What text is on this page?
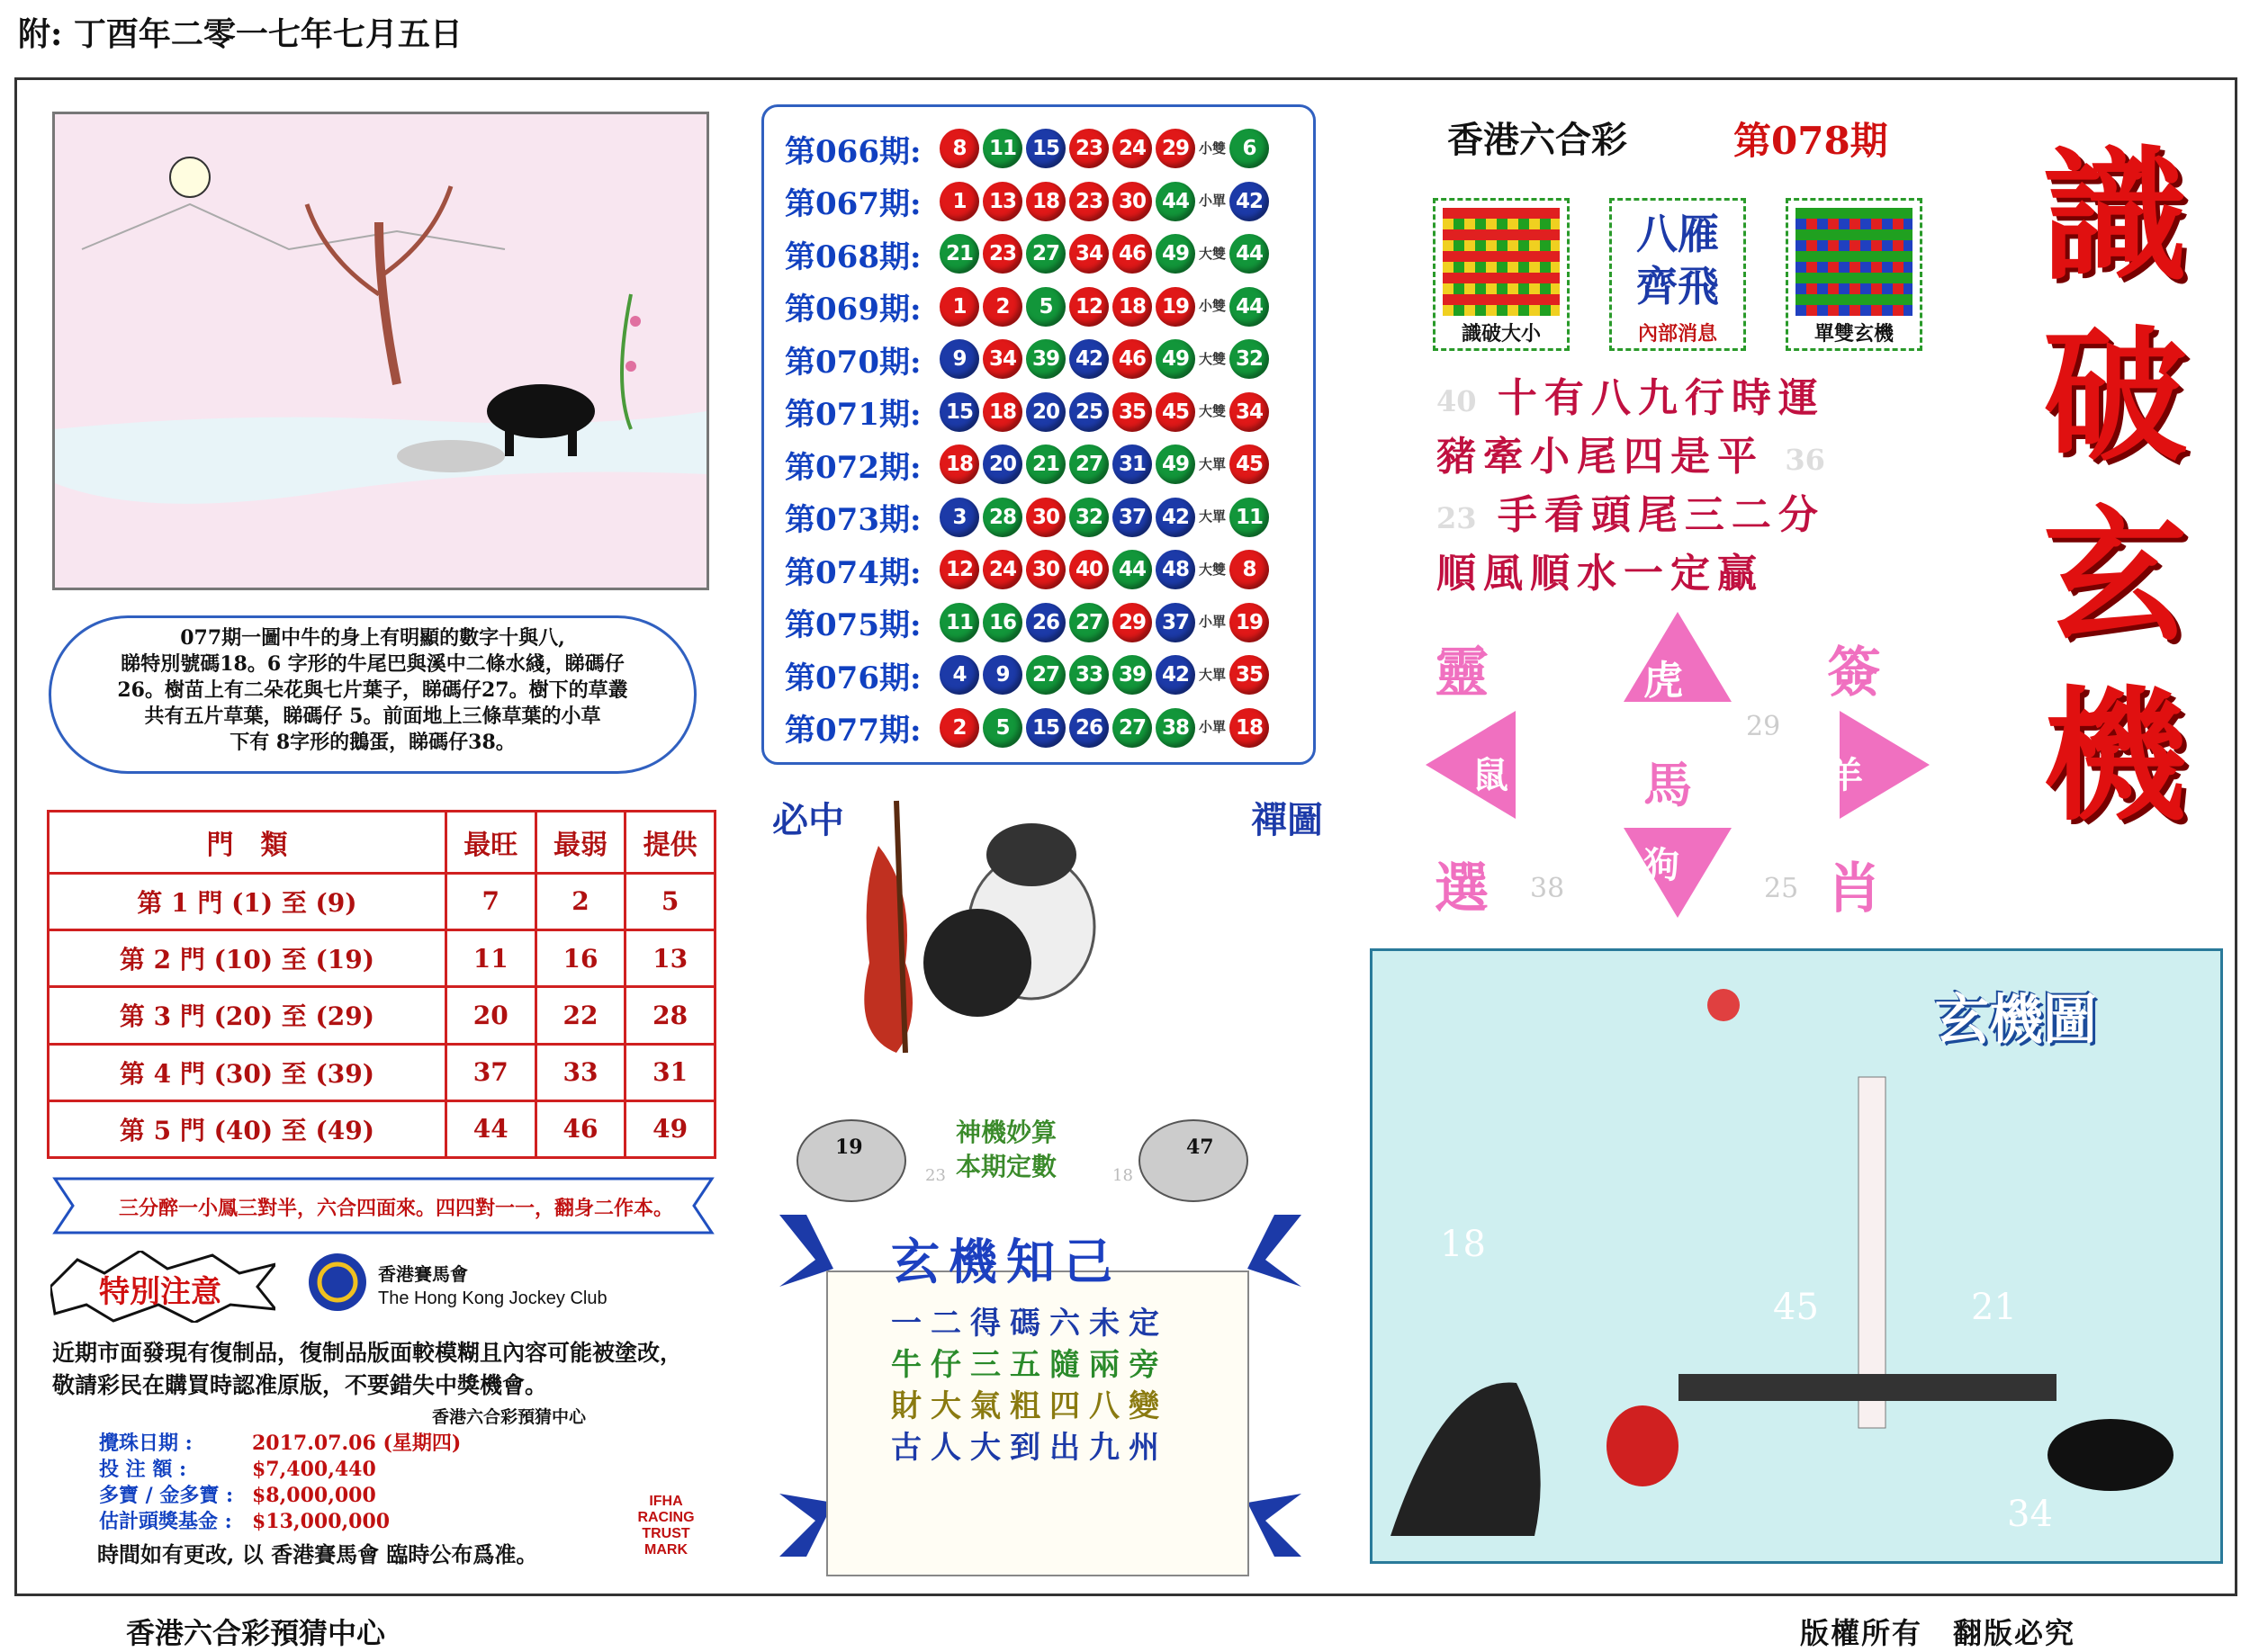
附: 丁酉年二零一七年七月五日
香港六合彩預猜中心	版權所有　翻版必究
077期一圖中牛的身上有明顯的數字十與八,
睇特別號碼18。6 字形的牛尾巴與溪中二條水綫，睇碼仔
26。樹苗上有二朵花與七片葉子，睇碼仔27。樹下的草叢
共有五片草葉，睇碼仔 5。前面地上三條草葉的小草
下有 8字形的鵝蛋，睇碼仔38。
門　類	最旺	最弱	提供
第 1 門 (1) 至 (9)	7	2	5
第 2 門 (10) 至 (19)	11	16	13
第 3 門 (20) 至 (29)	20	22	28
第 4 門 (30) 至 (39)	37	33	31
第 5 門 (40) 至 (49)	44	46	49
三分醉一小鳳三對半，六合四面來。四四對一一，翻身二作本。
特別注意	香港賽馬會
The Hong Kong Jockey Club
近期市面發現有復制品，復制品版面較模糊且內容可能被塗改，敬請彩民在購買時認准原版，不要錯失中獎機會。
香港六合彩預猜中心
攪珠日期 :	2017.07.06 (星期四)
投 注 額 :	$7,400,440
多寶 / 金多寶 : $8,000,000
估計頭獎基金 : $13,000,000
時間如有更改, 以 香港賽馬會 臨時公布爲准。
IFHA RACING TRUST MARK
第066期:	8	11 15 23 24 29 小雙 6
第067期:	1	13 18 23 30 44 小單 42
第068期:	21 23 27 34 46 49 大雙 44
第069期:	1	2	5	12 18 19 小雙 44
第070期:	9	34 39 42 46 49 大雙 32
第071期:	15 18 20 25 35 45 大雙 34
第072期:	18 20 21 27 31 49 大單 45
第073期:	3	28 30 32 37 42 大單 11
第074期:	12 24 30 40 44 48 大雙 8
第075期:	11 16 26 27 29 37 小單 19
第076期:	4	9	27 33 39 42 大單 35
第077期:	2	5	15 26 27 38 小單 18
必中	禪圖
19	47
23	18
神機妙算
本期定數
玄機知己
一二得碼六未定
牛仔三五隨兩旁
財大氣粗四八變
古人大到出九州
香港六合彩	第078期 識
破
玄
機
識破大小
八雁齊飛
內部消息	單雙玄機
40 十有八九行時運
豬牽小尾四是平 36
23 手看頭尾三二分
順風順水一定贏
虎
馬
鼠	羊
狗
靈	簽
選	肖
29
38	25
玄機圖
18
45	21
34
